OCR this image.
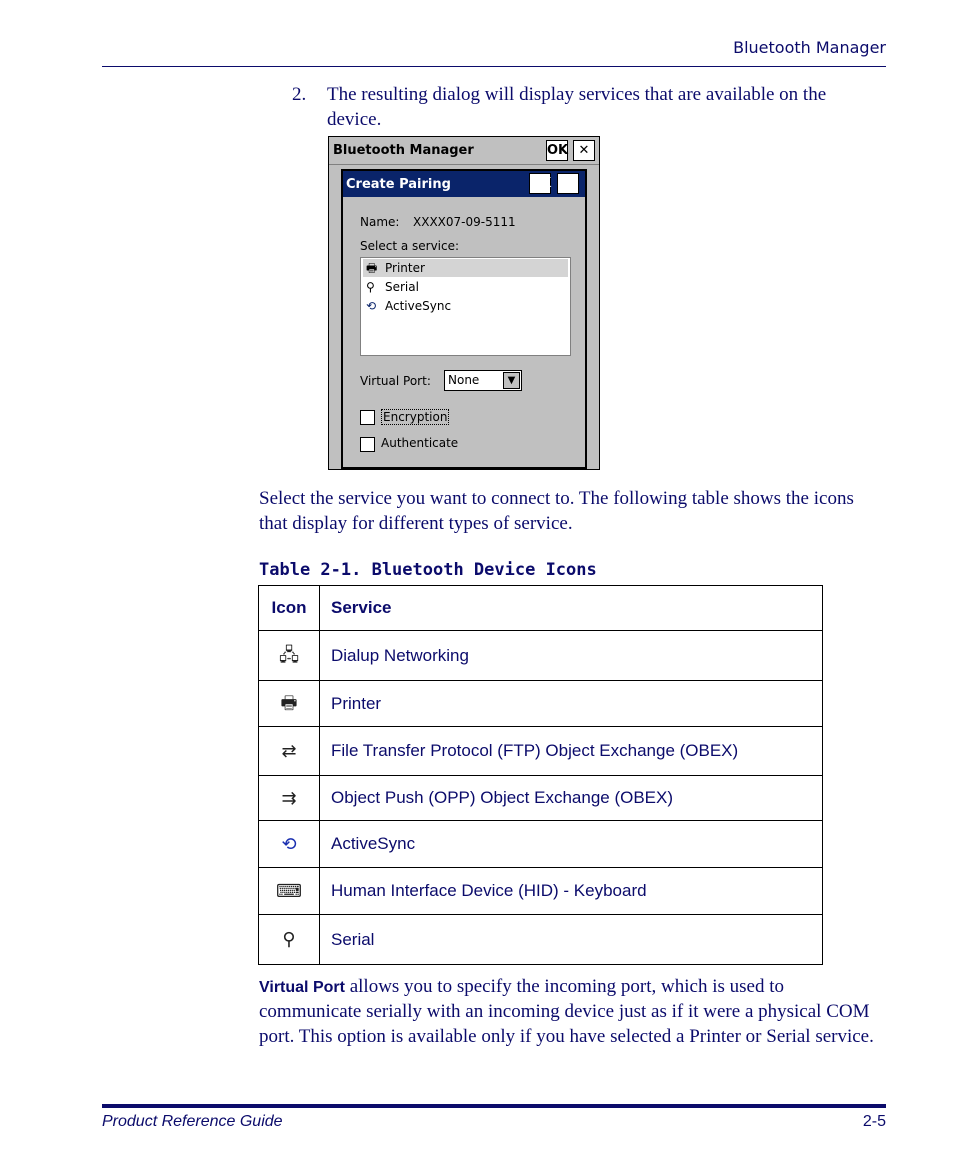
Bluetooth Manager
2. The resulting dialog will display services that are available on the device.
Bluetooth Manager	OK ✕
Create Pairing	OK ✕
Name: XXXX07-09-5111
Select a service:
🖶 Printer
⚲ Serial
⟲ ActiveSync
Virtual Port:	None	▼
Encryption
Authenticate
Select the service you want to connect to. The following table shows the icons that display for different types of service.
Table 2-1. Bluetooth Device Icons
Icon	Service
🖧	Dialup Networking
🖶	Printer
⇄	File Transfer Protocol (FTP) Object Exchange (OBEX)
⇉	Object Push (OPP) Object Exchange (OBEX)
⟲	ActiveSync
⌨	Human Interface Device (HID) - Keyboard
⚲	Serial
Virtual Port allows you to specify the incoming port, which is used to communicate serially with an incoming device just as if it were a physical COM port. This option is available only if you have selected a Printer or Serial service.
Product Reference Guide	2-5
